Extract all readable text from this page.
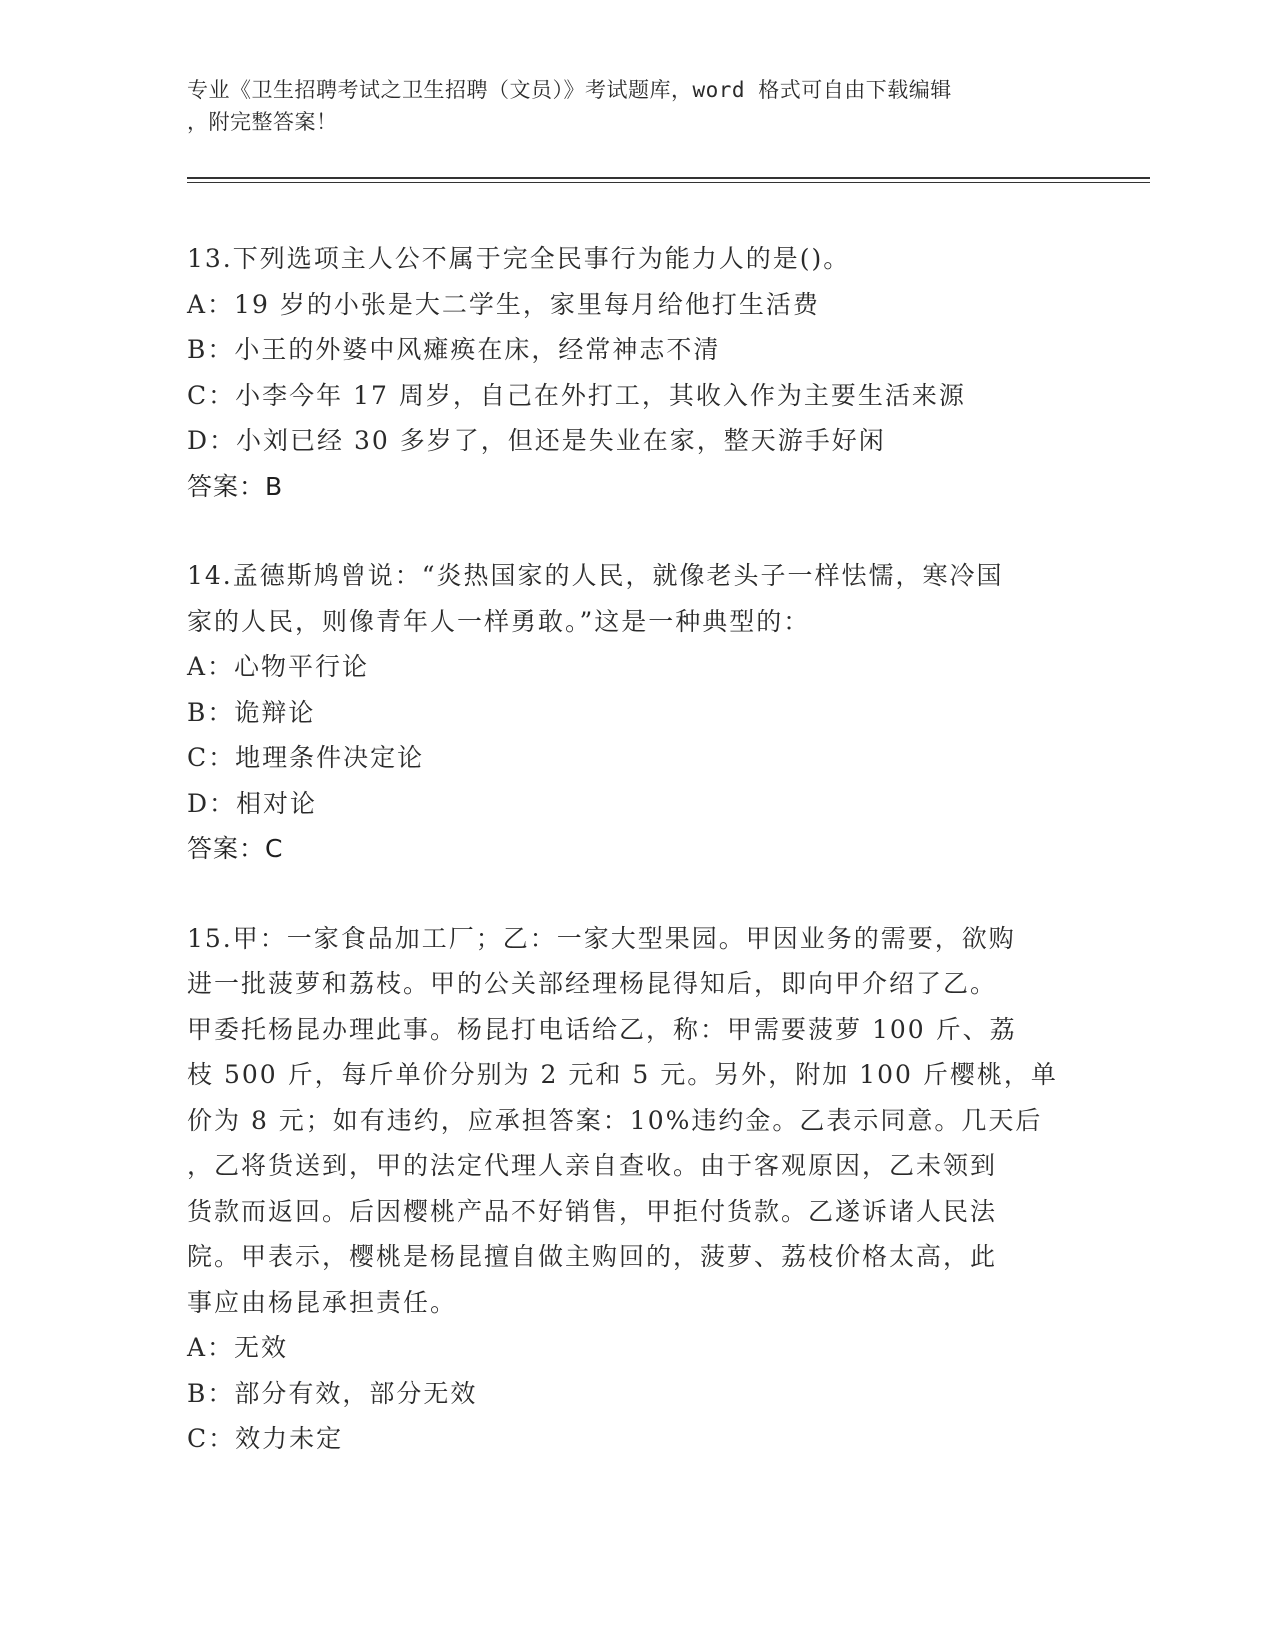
专业《卫生招聘考试之卫生招聘（文员）》考试题库，word 格式可自由下载编辑
，附完整答案！
13.下列选项主人公不属于完全民事行为能力人的是()。
A：19 岁的小张是大二学生，家里每月给他打生活费
B：小王的外婆中风瘫痪在床，经常神志不清
C：小李今年 17 周岁，自己在外打工，其收入作为主要生活来源
D：小刘已经 30 多岁了，但还是失业在家，整天游手好闲
答案：B
14.孟德斯鸠曾说：“炎热国家的人民，就像老头子一样怯懦，寒冷国
家的人民，则像青年人一样勇敢。”这是一种典型的：
A：心物平行论
B：诡辩论
C：地理条件决定论
D：相对论
答案：C
15.甲：一家食品加工厂；乙：一家大型果园。甲因业务的需要，欲购
进一批菠萝和荔枝。甲的公关部经理杨昆得知后，即向甲介绍了乙。
甲委托杨昆办理此事。杨昆打电话给乙，称：甲需要菠萝 100 斤、荔
枝 500 斤，每斤单价分别为 2 元和 5 元。另外，附加 100 斤樱桃，单
价为 8 元；如有违约，应承担答案：10%违约金。乙表示同意。几天后
，乙将货送到，甲的法定代理人亲自查收。由于客观原因，乙未领到
货款而返回。后因樱桃产品不好销售，甲拒付货款。乙遂诉诸人民法
院。甲表示，樱桃是杨昆擅自做主购回的，菠萝、荔枝价格太高，此
事应由杨昆承担责任。
A：无效
B：部分有效，部分无效
C：效力未定
